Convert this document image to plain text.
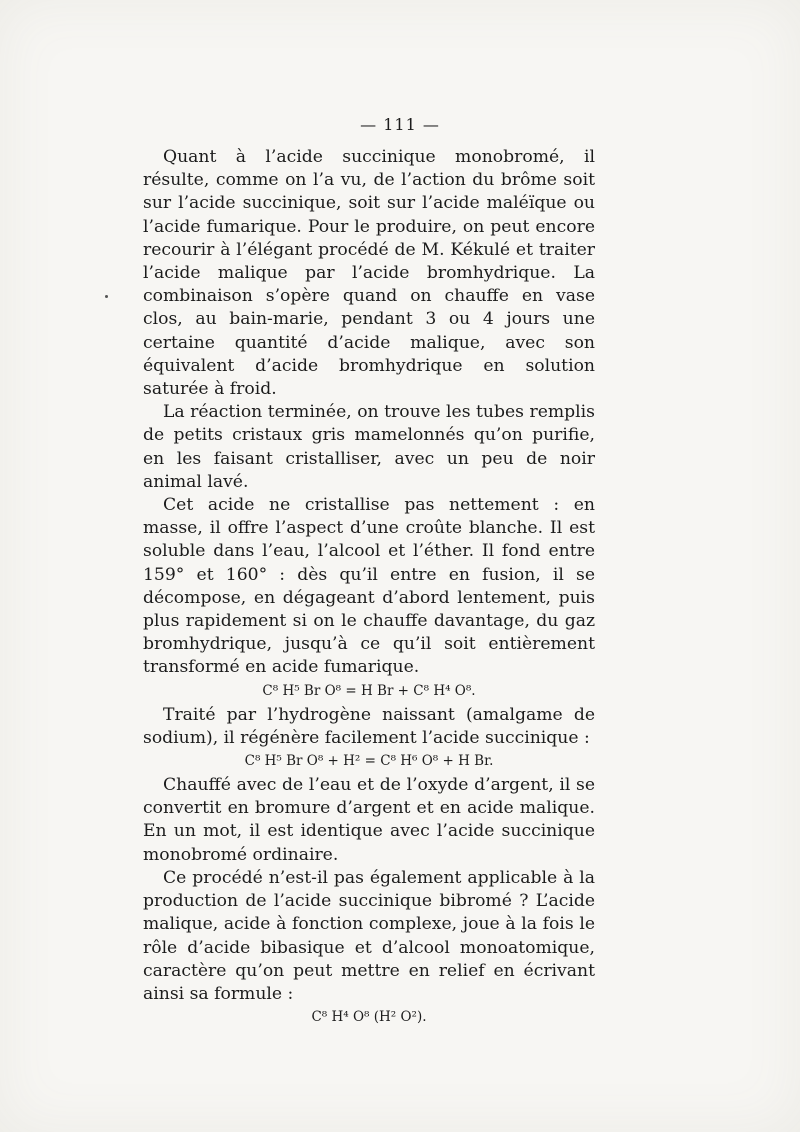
— 111 —

Quant à l’acide succinique monobromé, il résulte, comme on l’a vu, de l’action du brôme soit sur l’acide succinique, soit sur l’acide maléïque ou l’acide fumarique. Pour le produire, on peut encore recourir à l’élégant procédé de M. Kékulé et traiter l’acide malique par l’acide bromhydrique. La combinaison s’opère quand on chauffe en vase clos, au bain-marie, pendant 3 ou 4 jours une certaine quantité d’acide malique, avec son équivalent d’acide bromhydrique en solution saturée à froid.

La réaction terminée, on trouve les tubes remplis de petits cristaux gris mamelonnés qu’on purifie, en les faisant cristalliser, avec un peu de noir animal lavé.

Cet acide ne cristallise pas nettement : en masse, il offre l’aspect d’une croûte blanche. Il est soluble dans l’eau, l’alcool et l’éther. Il fond entre 159° et 160° : dès qu’il entre en fusion, il se décompose, en dégageant d’abord lentement, puis plus rapidement si on le chauffe davantage, du gaz bromhydrique, jusqu’à ce qu’il soit entièrement transformé en acide fumarique.

C⁸ H⁵ Br O⁸ = H Br + C⁸ H⁴ O⁸.

Traité par l’hydrogène naissant (amalgame de sodium), il régénère facilement l’acide succinique :

C⁸ H⁵ Br O⁸ + H² = C⁸ H⁶ O⁸ + H Br.

Chauffé avec de l’eau et de l’oxyde d’argent, il se convertit en bromure d’argent et en acide malique. En un mot, il est identique avec l’acide succinique monobromé ordinaire.

Ce procédé n’est-il pas également applicable à la production de l’acide succinique bibromé ? L’acide malique, acide à fonction complexe, joue à la fois le rôle d’acide bibasique et d’alcool monoatomique, caractère qu’on peut mettre en relief en écrivant ainsi sa formule :

C⁸ H⁴ O⁸ (H² O²).
